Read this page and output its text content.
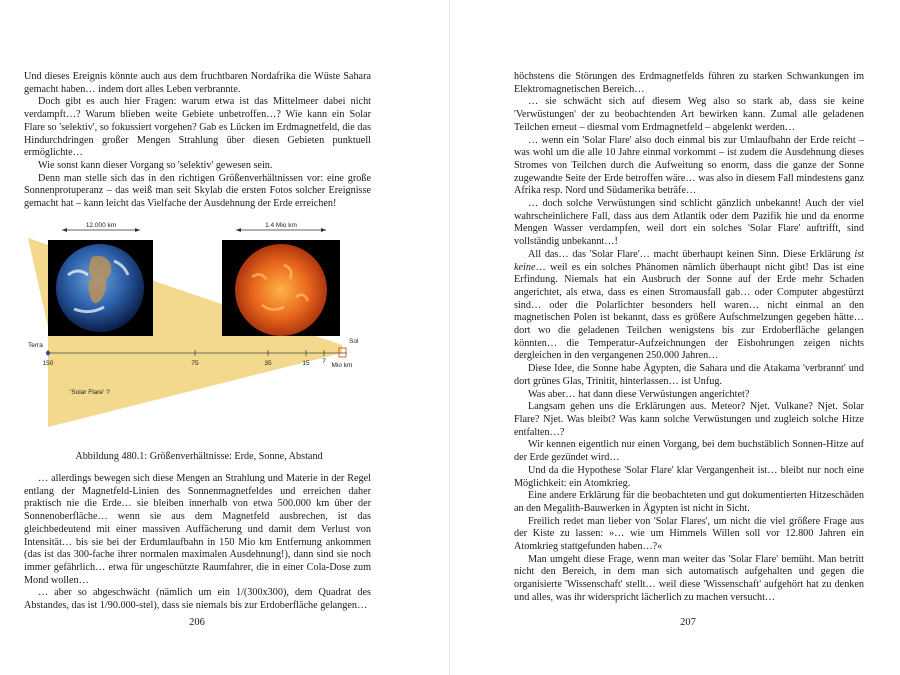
Und dieses Ereignis könnte auch aus dem fruchtbaren Nordafrika die Wüste Sahara gemacht haben… indem dort alles Leben verbrannte.

Doch gibt es auch hier Fragen: warum etwa ist das Mittelmeer dabei nicht verdampft…? Warum blieben weite Gebiete unbetroffen…? Wie kann ein Solar Flare so 'selektiv', so fokussiert vorgehen? Gab es Lücken im Erdmagnetfeld, die das Hindurchdringen großer Mengen Strahlung über diesen Gebieten punktuell ermöglichte…

Wie sonst kann dieser Vorgang so 'selektiv' gewesen sein.

Denn man stelle sich das in den richtigen Größenverhältnissen vor: eine große Sonnenprotuperanz – das weiß man seit Skylab die ersten Fotos solcher Ereignisse gemacht hat – kann leicht das Vielfache der Ausdehnung der Erde erreichen!

12.000 km	1.4 Mio km
150	75	35	15 7
Mio km
Terra
Sol
'Solar Flare' ?
Abbildung 480.1: Größenverhältnisse: Erde, Sonne, Abstand

… allerdings bewegen sich diese Mengen an Strahlung und Materie in der Regel entlang der Magnetfeld-Linien des Sonnenmagnetfeldes und erreichen daher praktisch nie die Erde… sie bleiben innerhalb von etwa 500.000 km über der Sonnenoberfläche… wenn sie aus dem Magnetfeld ausbrechen, ist das gleichbedeutend mit einer massiven Auffächerung und damit dem Verlust von Intensität… bis sie bei der Erdumlaufbahn in 150 Mio km Entfernung ankommen (das ist das 300-fache ihrer normalen maximalen Ausdehnung!), dann sind sie noch immer gefährlich… etwa für ungeschützte Raumfahrer, die in einer Cola-Dose zum Mond wollen…

… aber so abgeschwächt (nämlich um ein 1/(300x300), dem Quadrat des Abstandes, das ist 1/90.000-stel), dass sie niemals bis zur Erdoberfläche gelangen…

206

höchstens die Störungen des Erdmagnetfelds führen zu starken Schwankungen im Elektromagnetischen Bereich…

… sie schwächt sich auf diesem Weg also so stark ab, dass sie keine 'Verwüstungen' der zu beobachtenden Art bewirken kann. Zumal alle geladenen Teilchen erneut – diesmal vom Erdmagnetfeld – abgelenkt werden…

… wenn ein 'Solar Flare' also doch einmal bis zur Umlaufbahn der Erde reicht – was wohl um die alle 10 Jahre einmal vorkommt – ist zudem die Ausdehnung dieses Stromes von Teilchen durch die Aufweitung so enorm, dass die ganze der Sonne zugewandte Seite der Erde betroffen wäre… was also in diesem Fall mindestens ganz Afrika resp. Nord und Südamerika beträfe…

… doch solche Verwüstungen sind schlicht gänzlich unbekannt! Auch der viel wahrscheinlichere Fall, dass aus dem Atlantik oder dem Pazifik hie und da enorme Mengen Wasser verdampfen, weil dort ein solches 'Solar Flare' auftrifft, sind vollständig unbekannt…!

All das… das 'Solar Flare'… macht überhaupt keinen Sinn. Diese Erklärung ist keine… weil es ein solches Phänomen nämlich überhaupt nicht gibt! Das ist eine Erfindung. Niemals hat ein Ausbruch der Sonne auf der Erde mehr Schaden angerichtet, als etwa, dass es einen Stromausfall gab… oder Computer abgestürzt sind… oder die Polarlichter besonders hell waren… nicht einmal an den magnetischen Polen ist bekannt, dass es größere Aufschmelzungen gegeben hätte… dort wo die geladenen Teilchen wenigstens bis zur Erdoberfläche gelangen könnten… die Temperatur-Aufzeichnungen der Eisbohrungen zeigen nichts dergleichen in den vergangenen 250.000 Jahren…

Diese Idee, die Sonne habe Ägypten, die Sahara und die Atakama 'verbrannt' und dort grünes Glas, Trinitit, hinterlassen… ist Unfug.

Was aber… hat dann diese Verwüstungen angerichtet?

Langsam gehen uns die Erklärungen aus. Meteor? Njet. Vulkane? Njet. Solar Flare? Njet. Was bleibt? Was kann solche Verwüstungen und zugleich solche Hitze entfalten…?

Wir kennen eigentlich nur einen Vorgang, bei dem buchstäblich Sonnen-Hitze auf der Erde gezündet wird…

Und da die Hypothese 'Solar Flare' klar Vergangenheit ist… bleibt nur noch eine Möglichkeit: ein Atomkrieg.

Eine andere Erklärung für die beobachteten und gut dokumentierten Hitzeschäden an den Megalith-Bauwerken in Ägypten ist nicht in Sicht.

Freilich redet man lieber von 'Solar Flares', um nicht die viel größere Frage aus der Kiste zu lassen: »… wie um Himmels Willen soll vor 12.800 Jahren ein Atomkrieg stattgefunden haben…?«

Man umgeht diese Frage, wenn man weiter das 'Solar Flare' bemüht. Man betritt nicht den Bereich, in dem man sich automatisch aufgehalten und gegen die organisierte 'Wissenschaft' stellt… weil diese 'Wissenschaft' aufgehört hat zu denken und alles, was ihr widerspricht lächerlich zu machen versucht…

207
